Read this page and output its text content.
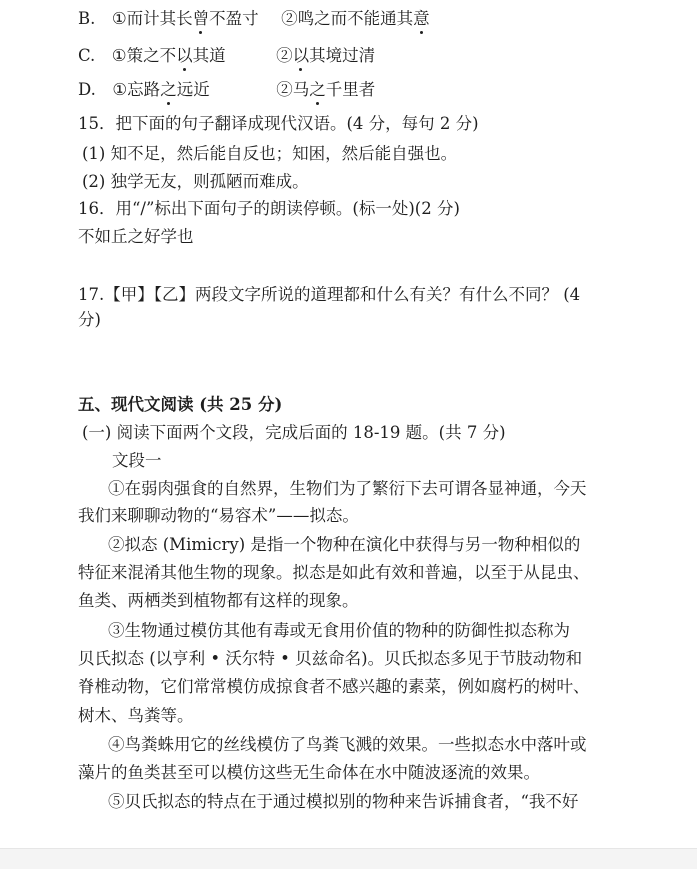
B. ①而计其长曾
不盈寸 ②鸣之而不能通其意
C. ①策之不以
其道	②以
其境过清
D. ①忘路之
远近	②马之
千里者
15．把下面的句子翻译成现代汉语。(4 分，每句 2 分)
(1) 知不足，然后能自反也；知困，然后能自强也。
(2) 独学无友，则孤陋而难成。
16．用“/”标出下面句子的朗读停顿。(标一处)(2 分)
不如丘之好学也
17.【甲】【乙】两段文字所说的道理都和什么有关？有什么不同？ (4
分)
五、现代文阅读 (共 25 分)
(一) 阅读下面两个文段，完成后面的 18-19 题。(共 7 分)
文段一
①在弱肉强食的自然界，生物们为了繁衍下去可谓各显神通，今天
我们来聊聊动物的“易容术”——拟态。
②拟态 (Mimicry) 是指一个物种在演化中获得与另一物种相似的
特征来混淆其他生物的现象。拟态是如此有效和普遍，以至于从昆虫、
鱼类、两栖类到植物都有这样的现象。
③生物通过模仿其他有毒或无食用价值的物种的防御性拟态称为
贝氏拟态 (以亨利 • 沃尔特 • 贝兹命名)。贝氏拟态多见于节肢动物和
脊椎动物，它们常常模仿成掠食者不感兴趣的素菜，例如腐朽的树叶、
树木、鸟粪等。
④鸟粪蛛用它的丝线模仿了鸟粪飞溅的效果。一些拟态水中落叶或
藻片的鱼类甚至可以模仿这些无生命体在水中随波逐流的效果。
⑤贝氏拟态的特点在于通过模拟别的物种来告诉捕食者，“我不好
